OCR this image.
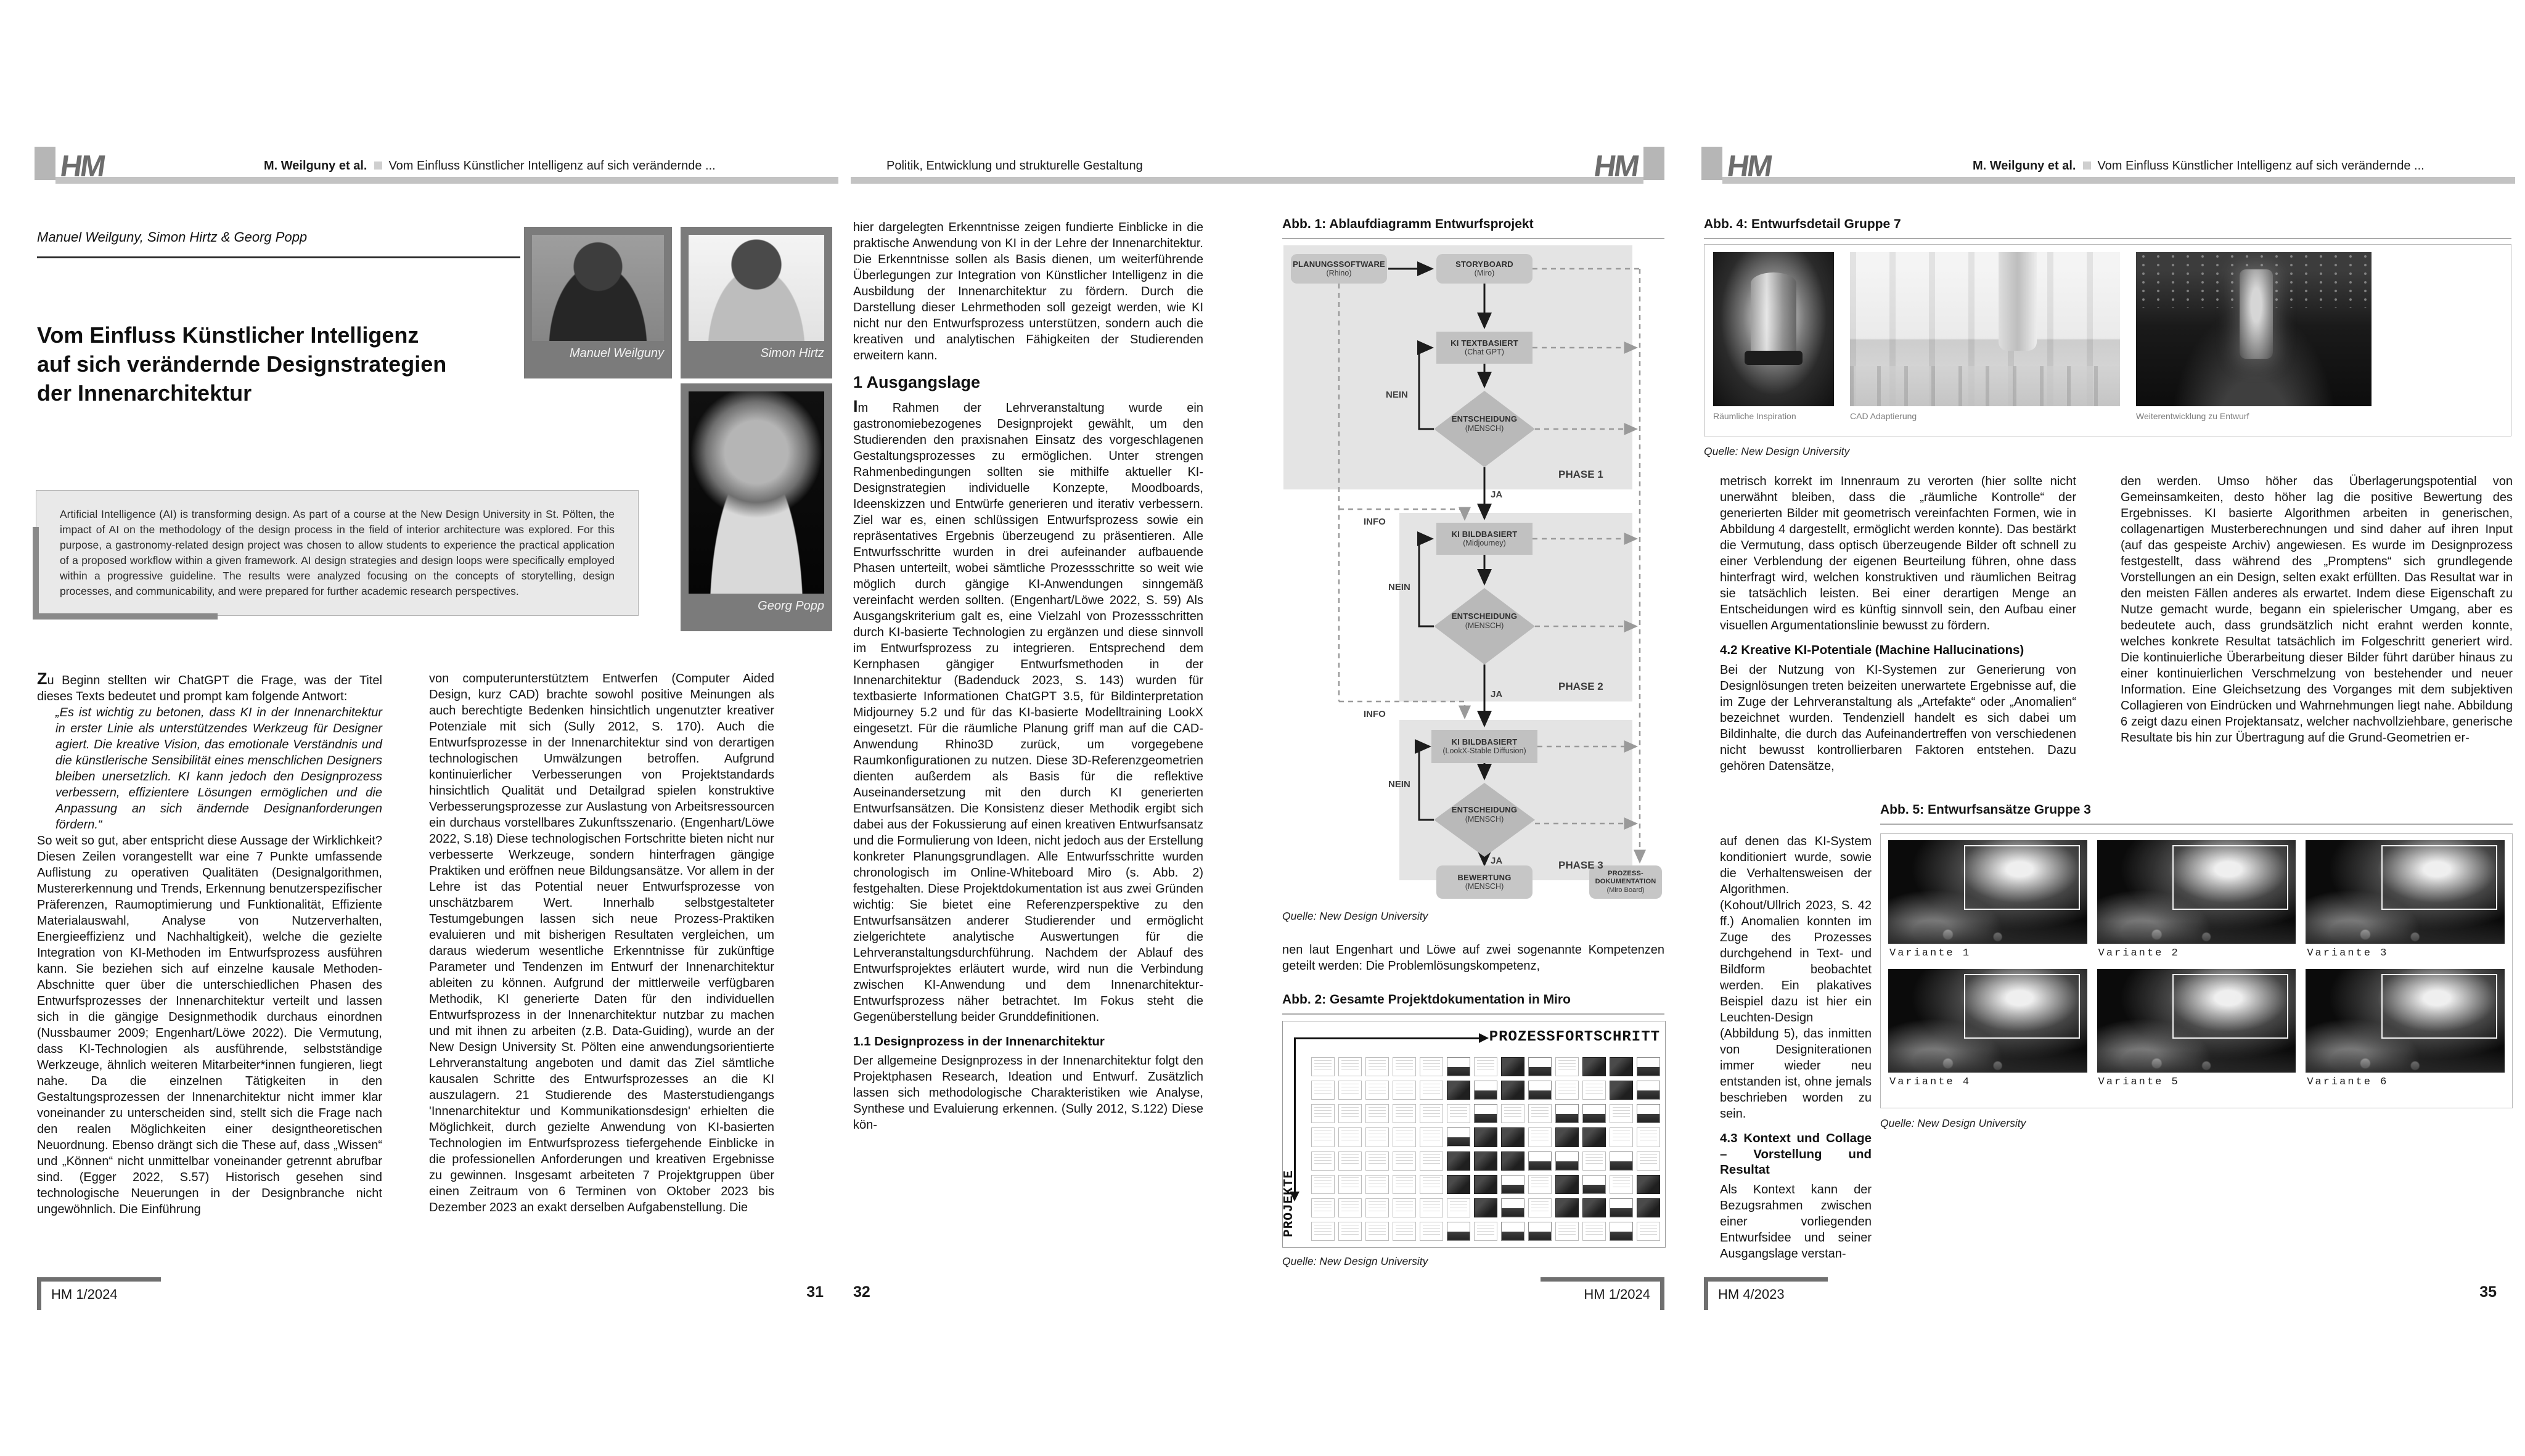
HM	M. Weilguny et al. Vom Einfluss Künstlicher Intelligenz auf sich verändernde ...
Manuel Weilguny, Simon Hirtz & Georg Popp
Vom Einfluss Künstlicher Intelligenz
auf sich verändernde Designstrategien
der Innenarchitektur
Manuel Weilguny	Simon Hirtz
Georg Popp
Artificial Intelligence (AI) is transforming design. As part of a course at the New Design University in St. Pölten, the impact of AI on the methodology of the design process in the field of interior architecture was explored. For this purpose, a gastronomy-related design project was chosen to allow students to experience the practical application of a proposed workflow within a given framework. AI design strategies and design loops were specifically employed within a progressive guideline. The results were analyzed focusing on the concepts of storytelling, design processes, and communicability, and were prepared for further academic research perspectives.

Zu Beginn stellten wir ChatGPT die Frage, was der Titel dieses Texts bedeutet und prompt kam folgende Antwort:

„Es ist wichtig zu betonen, dass KI in der Innenarchitektur in erster Linie als unterstützendes Werkzeug für Designer agiert. Die kreative Vision, das emotionale Verständnis und die künstlerische Sensibilität eines menschlichen Designers bleiben unersetzlich. KI kann jedoch den Designprozess verbessern, effizientere Lösungen ermöglichen und die Anpassung an sich ändernde Designanforderungen fördern.“

So weit so gut, aber entspricht diese Aussage der Wirklichkeit? Diesen Zeilen vorangestellt war eine 7 Punkte umfassende Auflistung zu operativen Qualitäten (Designalgorithmen, Mustererkennung und Trends, Erkennung benutzerspezifischer Präferenzen, Raumoptimierung und Funktionalität, Effiziente Materialauswahl, Analyse von Nutzerverhalten, Energieeffizienz und Nachhaltigkeit), welche die gezielte Integration von KI-Methoden im Entwurfsprozess ausführen kann. Sie beziehen sich auf einzelne kausale Methoden-Abschnitte quer über die unterschiedlichen Phasen des Entwurfsprozesses der Innenarchitektur verteilt und lassen sich in die gängige Designmethodik durchaus einordnen (Nussbaumer 2009; Engenhart/Löwe 2022). Die Vermutung, dass KI-Technologien als ausführende, selbstständige Werkzeuge, ähnlich weiteren Mitarbeiter*innen fungieren, liegt nahe. Da die einzelnen Tätigkeiten in den Gestaltungsprozessen der Innenarchitektur nicht immer klar voneinander zu unterscheiden sind, stellt sich die Frage nach den realen Möglichkeiten einer designtheoretischen Neuordnung. Ebenso drängt sich die These auf, dass „Wissen“ und „Können“ nicht unmittelbar voneinander getrennt abrufbar sind. (Egger 2022, S.57) Historisch gesehen sind technologische Neuerungen in der Designbranche nicht ungewöhnlich. Die Einführung

von computerunterstütztem Entwerfen (Computer Aided Design, kurz CAD) brachte sowohl positive Meinungen als auch berechtigte Bedenken hinsichtlich ungenutzter kreativer Potenziale mit sich (Sully 2012, S. 170). Auch die Entwurfsprozesse in der Innenarchitektur sind von derartigen technologischen Umwälzungen betroffen. Aufgrund kontinuierlicher Verbesserungen von Projektstandards hinsichtlich Qualität und Detailgrad spielen konstruktive Verbesserungsprozesse zur Auslastung von Arbeitsressourcen ein durchaus vorstellbares Zukunftsszenario. (Engenhart/Löwe 2022, S.18) Diese technologischen Fortschritte bieten nicht nur verbesserte Werkzeuge, sondern hinterfragen gängige Praktiken und eröffnen neue Bildungsansätze. Vor allem in der Lehre ist das Potential neuer Entwurfsprozesse von unschätzbarem Wert. Innerhalb selbstgestalteter Testumgebungen lassen sich neue Prozess-Praktiken evaluieren und mit bisherigen Resultaten vergleichen, um daraus wiederum wesentliche Erkenntnisse für zukünftige Parameter und Tendenzen im Entwurf der Innenarchitektur ableiten zu können. Aufgrund der mittlerweile verfügbaren Methodik, KI generierte Daten für den individuellen Entwurfsprozess in der Innenarchitektur nutzbar zu machen und mit ihnen zu arbeiten (z.B. Data-Guiding), wurde an der New Design University St. Pölten eine anwendungsorientierte Lehrveranstaltung angeboten und damit das Ziel sämtliche kausalen Schritte des Entwurfsprozesses an die KI auszulagern. 21 Studierende des Masterstudiengangs 'Innenarchitektur und Kommunikationsdesign' erhielten die Möglichkeit, durch gezielte Anwendung von KI-basierten Technologien im Entwurfsprozess tiefergehende Einblicke in die professionellen Anforderungen und kreativen Ergebnisse zu gewinnen. Insgesamt arbeiteten 7 Projektgruppen über einen Zeitraum von 6 Terminen von Oktober 2023 bis Dezember 2023 an exakt derselben Aufgabenstellung. Die

HM 1/2024	31
HM
Politik, Entwicklung und strukturelle Gestaltung

hier dargelegten Erkenntnisse zeigen fundierte Einblicke in die praktische Anwendung von KI in der Lehre der Innenarchitektur. Die Erkenntnisse sollen als Basis dienen, um weiterführende Überlegungen zur Integration von Künstlicher Intelligenz in die Ausbildung der Innenarchitektur zu fördern. Durch die Darstellung dieser Lehrmethoden soll gezeigt werden, wie KI nicht nur den Entwurfsprozess unterstützen, sondern auch die kreativen und analytischen Fähigkeiten der Studierenden erweitern kann.

1 Ausgangslage

Im Rahmen der Lehrveranstaltung wurde ein gastronomiebezogenes Designprojekt gewählt, um den Studierenden den praxisnahen Einsatz des vorgeschlagenen Gestaltungsprozesses zu ermöglichen. Unter strengen Rahmenbedingungen sollten sie mithilfe aktueller KI-Designstrategien individuelle Konzepte, Moodboards, Ideenskizzen und Entwürfe generieren und iterativ verbessern. Ziel war es, einen schlüssigen Entwurfsprozess sowie ein repräsentatives Ergebnis überzeugend zu präsentieren. Alle Entwurfsschritte wurden in drei aufeinander aufbauende Phasen unterteilt, wobei sämtliche Prozessschritte so weit wie möglich durch gängige KI-Anwendungen sinngemäß vereinfacht werden sollten. (Engenhart/Löwe 2022, S. 59) Als Ausgangskriterium galt es, eine Vielzahl von Prozessschritten durch KI-basierte Technologien zu ergänzen und diese sinnvoll im Entwurfsprozess zu integrieren. Entsprechend dem Kernphasen gängiger Entwurfsmethoden in der Innenarchitektur (Badenduck 2023, S. 143) wurden für textbasierte Informationen ChatGPT 3.5, für Bildinterpretation Midjourney 5.2 und für das KI-basierte Modelltraining LookX eingesetzt. Für die räumliche Planung griff man auf die CAD-Anwendung Rhino3D zurück, um vorgegebene Raumkonfigurationen zu nutzen. Diese 3D-Referenzgeometrien dienten außerdem als Basis für die reflektive Auseinandersetzung mit den durch KI generierten Entwurfsansätzen. Die Konsistenz dieser Methodik ergibt sich dabei aus der Fokussierung auf einen kreativen Entwurfsansatz und die Formulierung von Ideen, nicht jedoch aus der Erstellung konkreter Planungsgrundlagen. Alle Entwurfsschritte wurden chronologisch im Online-Whiteboard Miro (s. Abb. 2) festgehalten. Diese Projektdokumentation ist aus zwei Gründen wichtig: Sie bietet eine Referenzperspektive zu den Entwurfsansätzen anderer Studierender und ermöglicht zielgerichtete analytische Auswertungen für die Lehrveranstaltungsdurchführung. Nachdem der Ablauf des Entwurfsprojektes erläutert wurde, wird nun die Verbindung zwischen KI-Anwendung und dem Innenarchitektur-Entwurfsprozess näher betrachtet. Im Fokus steht die Gegenüberstellung beider Grunddefinitionen.

1.1 Designprozess in der Innenarchitektur

Der allgemeine Designprozess in der Innenarchitektur folgt den Projektphasen Research, Ideation und Entwurf. Zusätzlich lassen sich methodologische Charakteristiken wie Analyse, Synthese und Evaluierung erkennen. (Sully 2012, S.122) Diese kön-

Abb. 1: Ablaufdiagramm Entwurfsprojekt
PLANUNGSSOFTWARE
(Rhino)
STORYBOARD
(Miro)
KI TEXTBASIERT
(Chat GPT)
ENTSCHEIDUNG
(MENSCH)
KI BILDBASIERT
(Midjourney)
ENTSCHEIDUNG
(MENSCH)
KI BILDBASIERT
(LookX-Stable Diffusion)
ENTSCHEIDUNG
(MENSCH)
BEWERTUNG
(MENSCH)
PROZESS-
DOKUMENTATION
(Miro Board)
NEIN
NEIN
NEIN
JA
JA
JA
INFO
INFO
PHASE 1
PHASE 2
PHASE 3
Quelle: New Design University

nen laut Engenhart und Löwe auf zwei sogenannte Kompetenzen geteilt werden: Die Problemlösungskompetenz,

Abb. 2: Gesamte Projektdokumentation in Miro
PROZESSFORTSCHRITT
PROJEKTE
Quelle: New Design University
32	HM 1/2024
HM	M. Weilguny et al. Vom Einfluss Künstlicher Intelligenz auf sich verändernde ...
Abb. 4: Entwurfsdetail Gruppe 7
Räumliche Inspiration	CAD Adaptierung	Weiterentwicklung zu Entwurf
Quelle: New Design University

metrisch korrekt im Innenraum zu verorten (hier sollte nicht unerwähnt bleiben, dass die „räumliche Kontrolle“ der generierten Bilder mit geometrisch vereinfachten Formen, wie in Abbildung 4 dargestellt, ermöglicht werden konnte). Das bestärkt die Vermutung, dass optisch überzeugende Bilder oft schnell zu einer Verblendung der eigenen Beurteilung führen, ohne dass hinterfragt wird, welchen konstruktiven und räumlichen Beitrag sie tatsächlich leisten. Bei einer derartigen Menge an Entscheidungen wird es künftig sinnvoll sein, den Aufbau einer visuellen Argumentationslinie bewusst zu fördern.

4.2 Kreative KI-Potentiale (Machine Hallucinations)

Bei der Nutzung von KI-Systemen zur Generierung von Designlösungen treten beizeiten unerwartete Ergebnisse auf, die im Zuge der Lehrveranstaltung als „Artefakte“ oder „Anomalien“ bezeichnet wurden. Tendenziell handelt es sich dabei um Bildinhalte, die durch das Aufeinandertreffen von verschiedenen nicht bewusst kontrollierbaren Faktoren entstehen. Dazu gehören Datensätze,

den werden. Umso höher das Überlagerungspotential von Gemeinsamkeiten, desto höher lag die positive Bewertung des Ergebnisses. KI basierte Algorithmen arbeiten in generischen, collagenartigen Musterberechnungen und sind daher auf ihren Input (auf das gespeiste Archiv) angewiesen. Es wurde im Designprozess festgestellt, dass während des „Promptens“ sich grundlegende Vorstellungen an ein Design, selten exakt erfüllten. Das Resultat war in den meisten Fällen anderes als erwartet. Indem diese Eigenschaft zu Nutze gemacht wurde, begann ein spielerischer Umgang, aber es bedeutete auch, dass grundsätzlich nicht erahnt werden konnte, welches konkrete Resultat tatsächlich im Folgeschritt generiert wird. Die kontinuierliche Überarbeitung dieser Bilder führt darüber hinaus zu einer kontinuierlichen Verschmelzung von bestehender und neuer Information. Eine Gleichsetzung des Vorganges mit dem subjektiven Collagieren von Eindrücken und Wahrnehmungen liegt nahe. Abbildung 6 zeigt dazu einen Projektansatz, welcher nachvollziehbare, generische Resultate bis hin zur Übertragung auf die Grund-Geometrien er-

auf denen das KI-System konditioniert wurde, sowie die Verhaltensweisen der Algorithmen. (Kohout/Ullrich 2023, S. 42 ff.) Anomalien konnten im Zuge des Prozesses durchgehend in Text- und Bildform beobachtet werden. Ein plakatives Beispiel dazu ist hier ein Leuchten-Design (Abbildung 5), das inmitten von Designiterationen immer wieder neu entstanden ist, ohne jemals beschrieben worden zu sein.

4.3 Kontext und Collage – Vorstellung und Resultat

Als Kontext kann der Bezugsrahmen zwischen einer vorliegenden Entwurfsidee und seiner Ausgangslage verstan-

Abb. 5: Entwurfsansätze Gruppe 3
Variante 1	Variante 2	Variante 3
Variante 4	Variante 5	Variante 6
Quelle: New Design University
HM 4/2023	35
